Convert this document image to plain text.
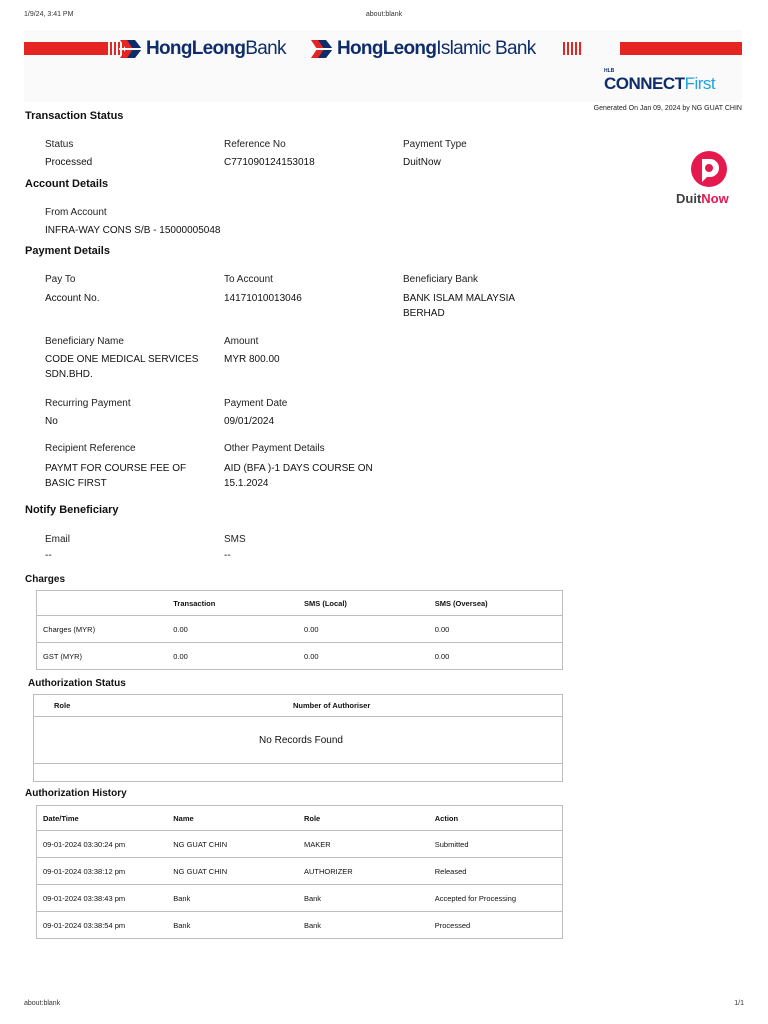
1/9/24, 3:41 PM	about:blank
HongLeongBank	HongLeongIslamic Bank
HLB
CONNECTFirst
Generated On Jan 09, 2024 by NG GUAT CHIN
DuitNow
Transaction Status
Status
Processed
Reference No
C771090124153018
Payment Type
DuitNow
Account Details
From Account
INFRA-WAY CONS S/B - 15000005048
Payment Details
Pay To
Account No.
To Account
14171010013046
Beneficiary Bank
BANK ISLAM MALAYSIA
BERHAD
Beneficiary Name
CODE ONE MEDICAL SERVICES
SDN.BHD.
Amount
MYR 800.00
Recurring Payment
No
Payment Date
09/01/2024
Recipient Reference
PAYMT FOR COURSE FEE OF
BASIC FIRST
Other Payment Details
AID (BFA )-1 DAYS COURSE ON
15.1.2024
Notify Beneficiary
Email
--
SMS
--
Charges
	Transaction	SMS (Local)	SMS (Oversea)
Charges (MYR)	0.00	0.00	0.00
GST (MYR)	0.00	0.00	0.00
Authorization Status
Role	Number of Authoriser
No Records Found

Authorization History
Date/Time	Name	Role	Action
09-01-2024 03:30:24 pm	NG GUAT CHIN	MAKER	Submitted
09-01-2024 03:38:12 pm	NG GUAT CHIN	AUTHORIZER	Released
09-01-2024 03:38:43 pm	Bank	Bank	Accepted for Processing
09-01-2024 03:38:54 pm	Bank	Bank	Processed
about:blank	1/1
